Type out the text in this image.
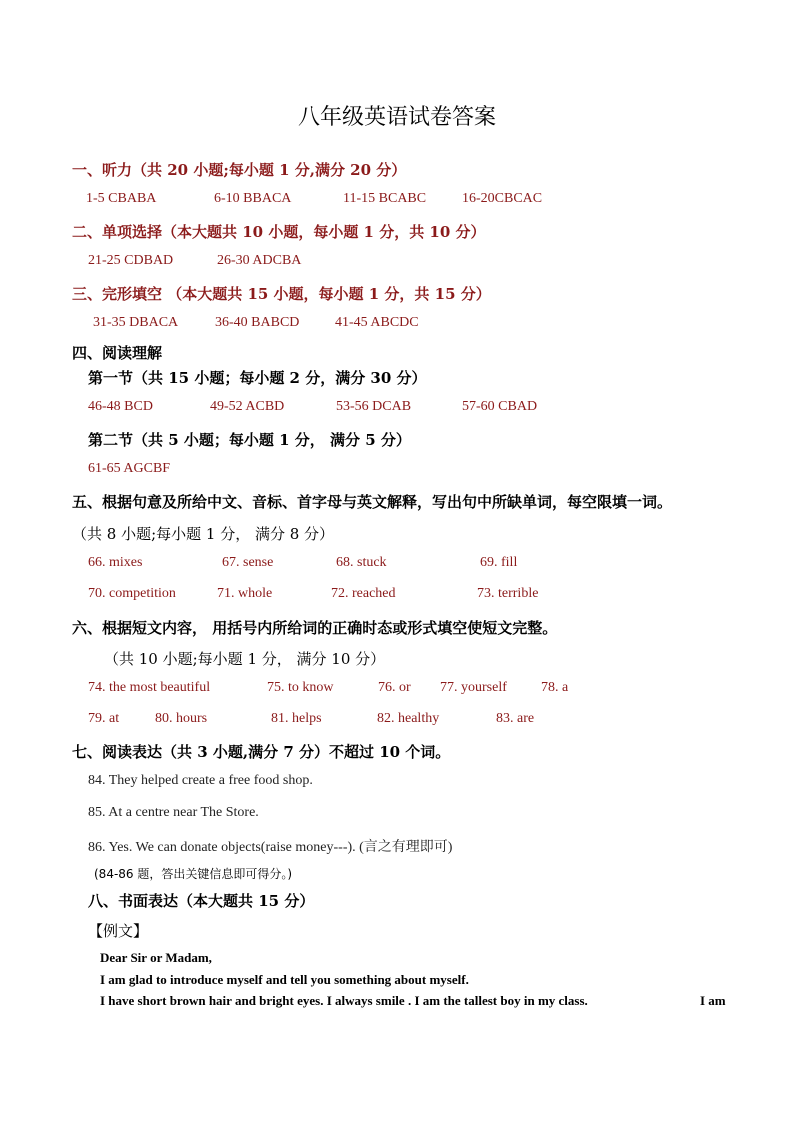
八年级英语试卷答案
一、听力（共 20 小题;每小题 1 分,满分 20 分）
1-5 CBABA	6-10 BBACA	11-15 BCABC	16-20CBCAC
二、单项选择（本大题共 10 小题，每小题 1 分，共 10 分）
21-25 CDBAD	26-30 ADCBA
三、完形填空 （本大题共 15 小题，每小题 1 分，共 15 分）
31-35 DBACA	36-40 BABCD	41-45 ABCDC
四、阅读理解
第一节（共 15 小题；每小题 2 分，满分 30 分）
46-48 BCD	49-52 ACBD	53-56 DCAB	57-60 CBAD
第二节（共 5 小题；每小题 1 分， 满分 5 分）
61-65 AGCBF
五、根据句意及所给中文、音标、首字母与英文解释，写出句中所缺单词，每空限填一词。
（共 8 小题;每小题 1 分， 满分 8 分）
66. mixes	67. sense	68. stuck	69. fill
70. competition	71. whole	72. reached	73. terrible
六、根据短文内容， 用括号内所给词的正确时态或形式填空使短文完整。
（共 10 小题;每小题 1 分， 满分 10 分）
74. the most beautiful	75. to know	76. or 77. yourself 78. a
79. at	80. hours	81. helps	82. healthy	83. are
七、阅读表达（共 3 小题,满分 7 分）不超过 10 个词。
84. They helped create a free food shop.
85. At a centre near The Store.
86. Yes. We can donate objects(raise money---). (言之有理即可)
(84-86 题，答出关键信息即可得分。)
八、书面表达（本大题共 15 分）
【例文】
Dear Sir or Madam,
I am glad to introduce myself and tell you something about myself.
I have short brown hair and bright eyes. I always smile . I am the tallest boy in my class.	I am
